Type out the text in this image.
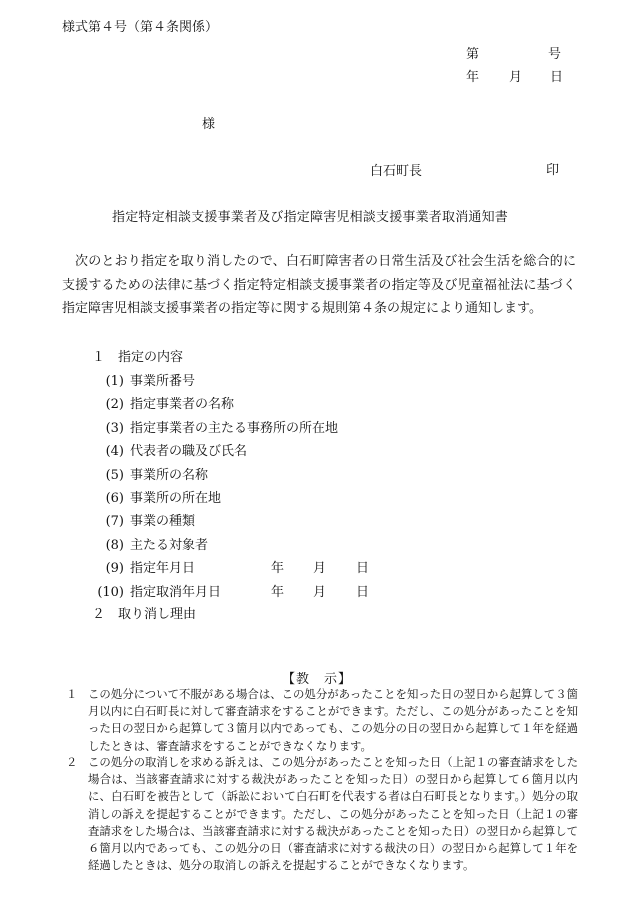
様式第４号（第４条関係）
第	号
年 月 日
様
白石町長	印
指定特定相談支援事業者及び指定障害児相談支援事業者取消通知書
次のとおり指定を取り消したので、白石町障害者の日常生活及び社会生活を総合的に支援するための法律に基づく指定特定相談支援事業者の指定等及び児童福祉法に基づく指定障害児相談支援事業者の指定等に関する規則第４条の規定により通知します。
１　指定の内容
(1) 事業所番号
(2) 指定事業者の名称
(3) 指定事業者の主たる事務所の所在地
(4) 代表者の職及び氏名
(5) 事業所の名称
(6) 事業所の所在地
(7) 事業の種類
(8) 主たる対象者
(9) 指定年月日	年 月 日
(10) 指定取消年月日	年 月 日
２　取り消し理由
【教　示】
１ この処分について不服がある場合は、この処分があったことを知った日の翌日から起算して３箇月以内に白石町長に対して審査請求をすることができます。ただし、この処分があったことを知った日の翌日から起算して３箇月以内であっても、この処分の日の翌日から起算して１年を経過したときは、審査請求をすることができなくなります。
２ この処分の取消しを求める訴えは、この処分があったことを知った日（上記１の審査請求をした場合は、当該審査請求に対する裁決があったことを知った日）の翌日から起算して６箇月以内に、白石町を被告として（訴訟において白石町を代表する者は白石町長となります。）処分の取消しの訴えを提起することができます。ただし、この処分があったことを知った日（上記１の審査請求をした場合は、当該審査請求に対する裁決があったことを知った日）の翌日から起算して６箇月以内であっても、この処分の日（審査請求に対する裁決の日）の翌日から起算して１年を経過したときは、処分の取消しの訴えを提起することができなくなります。
